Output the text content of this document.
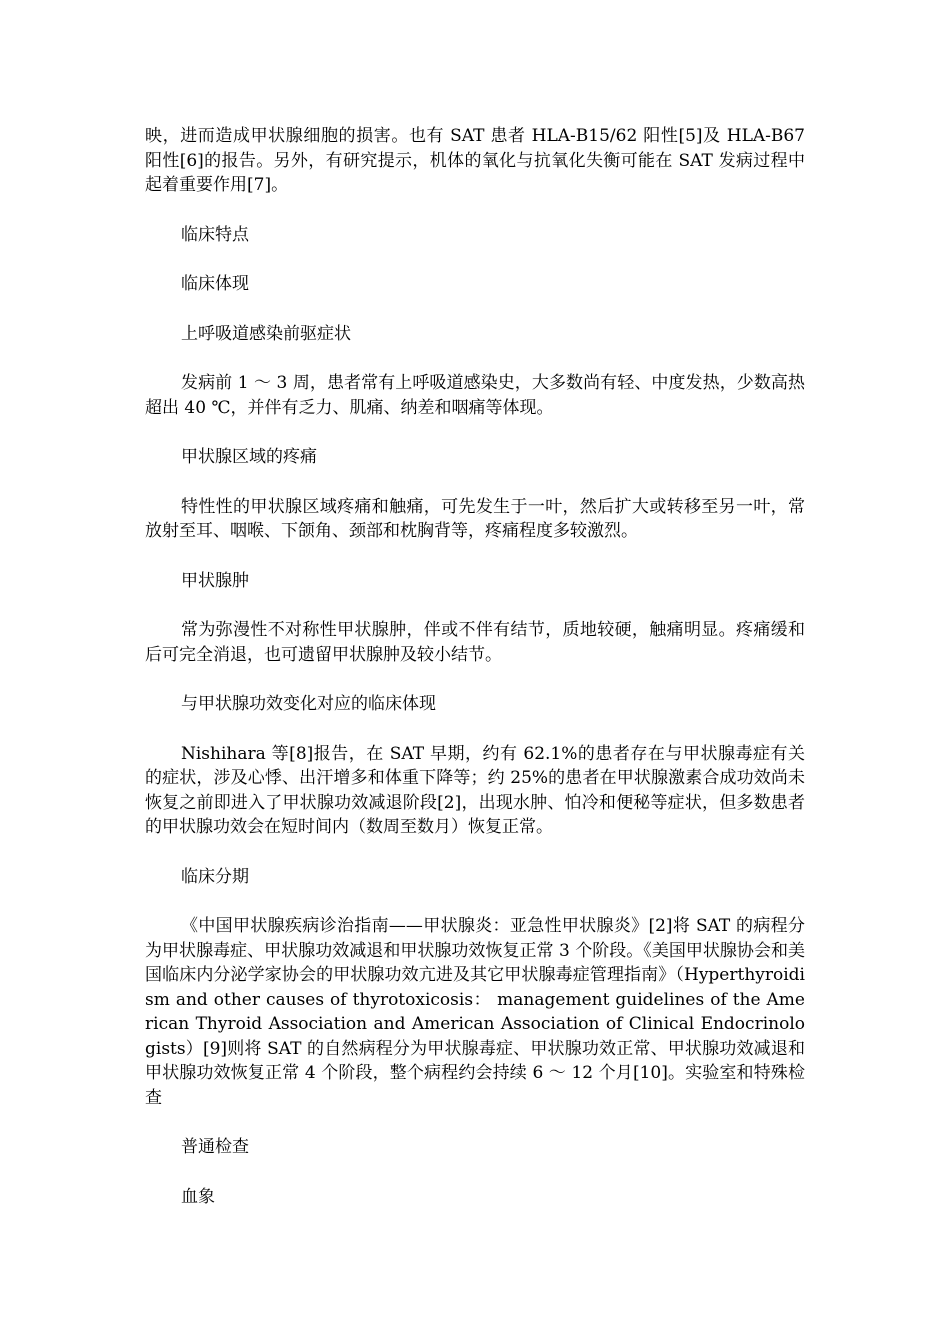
映，进而造成甲状腺细胞的损害。也有 SAT 患者 HLA-B15/62 阳性[5]及 HLA-B67 阳性[6]的报告。另外，有研究提示，机体的氧化与抗氧化失衡可能在 SAT 发病过程中起着重要作用[7]。

临床特点

临床体现

上呼吸道感染前驱症状

发病前 1 ～ 3 周，患者常有上呼吸道感染史，大多数尚有轻、中度发热，少数高热超出 40 ℃，并伴有乏力、肌痛、纳差和咽痛等体现。

甲状腺区域的疼痛

特性性的甲状腺区域疼痛和触痛，可先发生于一叶，然后扩大或转移至另一叶，常放射至耳、咽喉、下颌角、颈部和枕胸背等，疼痛程度多较激烈。

甲状腺肿

常为弥漫性不对称性甲状腺肿，伴或不伴有结节，质地较硬，触痛明显。疼痛缓和后可完全消退，也可遗留甲状腺肿及较小结节。

与甲状腺功效变化对应的临床体现

Nishihara 等[8]报告，在 SAT 早期，约有 62.1%的患者存在与甲状腺毒症有关的症状，涉及心悸、出汗增多和体重下降等；约 25%的患者在甲状腺激素合成功效尚未恢复之前即进入了甲状腺功效减退阶段[2]，出现水肿、怕冷和便秘等症状，但多数患者的甲状腺功效会在短时间内（数周至数月）恢复正常。

临床分期

《中国甲状腺疾病诊治指南——甲状腺炎：亚急性甲状腺炎》[2]将 SAT 的病程分为甲状腺毒症、甲状腺功效减退和甲状腺功效恢复正常 3 个阶段。《美国甲状腺协会和美国临床内分泌学家协会的甲状腺功效亢进及其它甲状腺毒症管理指南》（Hyperthyroidism and other causes of thyrotoxicosis： management guidelines of the American Thyroid Association and American Association of Clinical Endocrinologists）[9]则将 SAT 的自然病程分为甲状腺毒症、甲状腺功效正常、甲状腺功效减退和甲状腺功效恢复正常 4 个阶段，整个病程约会持续 6 ～ 12 个月[10]。实验室和特殊检查

普通检查

血象
